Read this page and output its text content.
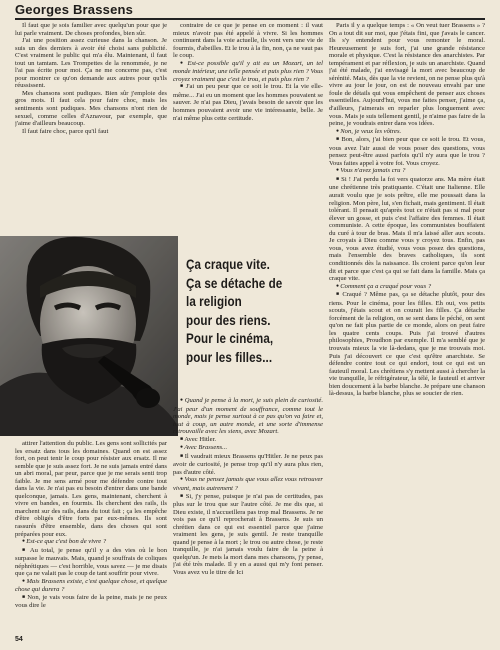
Georges Brassens

Il faut que je sois familier avec quelqu'un pour que je lui parle vraiment. De choses profondes, bien sûr.

J'ai une position assez curieuse dans la chanson. Je suis un des derniers à avoir été choisi sans publicité. C'est vraiment le public qui m'a élu. Maintenant, il faut tout un tamtam. Les Trompettes de la renommée, je ne l'ai pas écrite pour moi. Ça ne me concerne pas, c'est pour montrer ce qu'on demande aux autres pour qu'ils réussissent.

Mes chansons sont pudiques. Bien sûr j'emploie des gros mots. Il faut cela pour faire choc, mais les sentiments sont pudiques. Mes chansons n'ont rien de sexuel, comme celles d'Aznavour, par exemple, que j'aime d'ailleurs beaucoup.

Il faut faire choc, parce qu'il faut

contraire de ce que je pense en ce moment : il vaut mieux n'avoir pas été appelé à vivre. Si les hommes continuent dans la voie actuelle, ils vont vers une vie de fourmis, d'abeilles. Et le trou à la fin, non, ça ne vaut pas le coup.

● Est-ce possible qu'il y ait eu un Mozart, un tel monde intérieur, une telle pensée et puis plus rien ? Vous croyez vraiment que c'est le trou, et puis plus rien ?

■ J'ai un peu peur que ce soit le trou. Et la vie elle-même... J'ai eu un moment que les hommes pouvaient se sauver. Je n'ai pas Dieu, j'avais besoin de savoir que les hommes pouvaient avoir une vie intéressante, belle. Je n'ai même plus cette certitude.

Paris il y a quelque temps : « On veut tuer Brassens » ? On a tout dit sur moi, que j'étais fini, que j'avais le cancer. Ils s'y entendent pour vous remonter le moral. Heureusement je suis fort, j'ai une grande résistance morale et physique. C'est la résistance des anarchistes. Par tempérament et par réflexion, je suis un anarchiste. Quand j'ai été malade, j'ai envisagé la mort avec beaucoup de sérénité. Mais, dès que la vie revient, on ne pense plus qu'à vivre au jour le jour, on est de nouveau envahi par une foule de détails qui vous empêchent de penser aux choses essentielles. Aujourd'hui, vous me faites penser, j'aime ça, d'ailleurs, j'aimerais en reparler plus longuement avec vous. Mais je suis tellement gentil, je n'aime pas faire de la peine, je voudrais entrer dans vos idées.

● Non, je veux les vôtres.

■ Bon, alors, j'ai bien peur que ce soit le trou. Et vous, vous avez l'air aussi de vous poser des questions, vous pensez peut-être aussi parfois qu'il n'y aura que le trou ? Vous faites appel à votre foi. Vous croyez.

● Vous n'avez jamais cru ?

■ Si ! J'ai perdu la foi vers quatorze ans. Ma mère était une chrétienne très pratiquante. C'était une Italienne. Elle aurait voulu que je sois prêtre, elle me poussait dans la religion. Mon père, lui, s'en fichait, mais gentiment. Il était tolérant. Il pensait qu'après tout ce n'était pas si mal pour élever un gosse, et puis c'est l'affaire des femmes. Il était communiste. A cette époque, les communistes bouffaient du curé à tour de bras. Mais il m'a laissé aller aux scouts. Je croyais à Dieu comme vous y croyez tous. Enfin, pas vous, vous avez étudié, vous vous posez des questions, mais l'ensemble des braves catholiques, ils sont conditionnés dès la naissance. Ils croient parce qu'on leur dit et parce que c'est ça qui se fait dans la famille. Mais ça craque vite.

● Comment ça a craqué pour vous ?

■ Craqué ? Même pas, ça se détache plutôt, pour des riens. Pour le cinéma, pour les filles. Eh oui, vos petits scouts, j'étais scout et on courait les filles. Ça détache forcément de la religion, on se sent dans le péché, on sent qu'on ne fait plus partie de ce monde, alors on peut faire les quatre cents coups. Puis j'ai trouvé d'autres philosophies, Proudhon par exemple. Il m'a semblé que je trouvais mieux la vie là-dedans, que je me trouvais moi. Puis j'ai découvert ce que c'est qu'être anarchiste. Se défendre contre tout ce qui endort, tout ce qui est un fauteuil moral. Les chrétiens s'y mettent aussi à chercher la vie tranquille, le réfrigérateur, la télé, le fauteuil et arriver bien doucement à la barbe blanche. Je prépare une chanson là-dessus, la barbe blanche, plus se soucier de rien.

Ça craque vite.
Ça se détache de
la religion
pour des riens.
Pour le cinéma,
pour les filles...

attirer l'attention du public. Les gens sont sollicités par les ersatz dans tous les domaines. Quand on est assez fort, on peut tenir le coup pour résister aux ersatz. Il me semble que je suis assez fort. Je ne suis jamais entré dans un abri moral, par peur, parce que je me serais senti trop faible. Je me sens armé pour me défendre contre tout dans la vie. Je n'ai pas eu besoin d'entrer dans une bande quelconque, jamais. Les gens, maintenant, cherchent à vivre en bandes, en fourmis. Ils cherchent des rails, ils marchent sur des rails, dans du tout fait ; ça les empêche d'être obligés d'être forts par eux-mêmes. Ils sont rassurés d'être ensemble, dans des choses qui sont préparées pour eux.

● Est-ce que c'est bon de vivre ?

■ Au total, je pense qu'il y a des vies où le bon surpasse le mauvais. Mais, quand je souffrais de coliques néphrétiques — c'est horrible, vous savez — je me disais que ça ne valait pas le coup de tant souffrir pour vivre.

● Mais Brassens existe, c'est quelque chose, et quelque chose qui durera ?

■ Non, je vais vous faire de la peine, mais je ne peux vous dire le

● Quand je pense à la mort, je suis plein de curiosité. J'ai peur d'un moment de souffrance, comme tout le monde, mais je pense surtout à ce pas qu'on va faire et, tout à coup, un autre monde, et une sorte d'immense retrouvaille avec les siens, avec Mozart.

■ Avec Hitler.

● Avec Brassens...

■ Il vaudrait mieux Brassens qu'Hitler. Je ne peux pas avoir de curiosité, je pense trop qu'il n'y aura plus rien, pas d'autre côté.

● Vous ne pensez jamais que vous allez vous retrouver vivant, mais autrement ?

■ Si, j'y pense, puisque je n'ai pas de certitudes, pas plus sur le trou que sur l'autre côté. Je me dis que, si Dieu existe, il n'accueillera pas trop mal Brassens. Je ne vois pas ce qu'il reprocherait à Brassens. Je suis un chrétien dans ce qui est essentiel parce que j'aime vraiment les gens, je suis gentil. Je reste tranquille quand je pense à la mort ; le trou ou autre chose, je reste tranquille, je n'ai jamais voulu faire de la peine à quelqu'un. Je mets la mort dans mes chansons, j'y pense, j'ai été très malade. Il y en a aussi qui m'y font penser. Vous avez vu le titre de Ici

54
